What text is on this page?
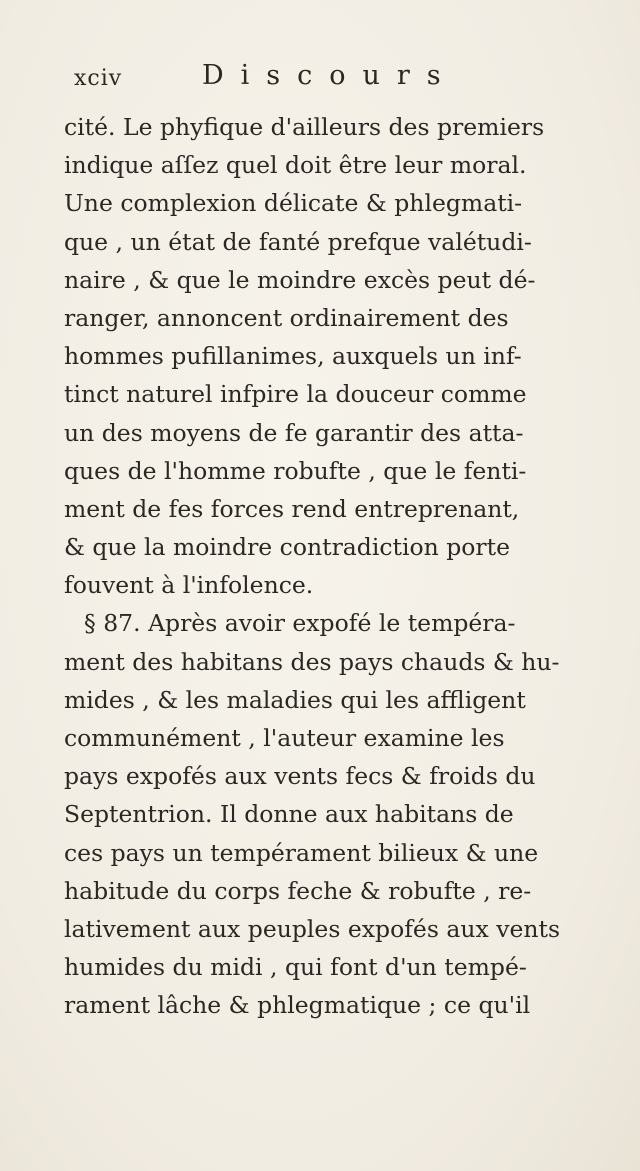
xciv	Discours
cité. Le phyfique d'ailleurs des premiers
indique aſſez quel doit être leur moral.
Une complexion délicate & phlegmati-
que , un état de fanté prefque valétudi-
naire , & que le moindre excès peut dé-
ranger, annoncent ordinairement des
hommes pufillanimes, auxquels un inf-
tinct naturel infpire la douceur comme
un des moyens de fe garantir des atta-
ques de l'homme robufte , que le fenti-
ment de fes forces rend entreprenant,
& que la moindre contradiction porte
fouvent à l'infolence.
§ 87. Après avoir expofé le tempéra-
ment des habitans des pays chauds & hu-
mides , & les maladies qui les affligent
communément , l'auteur examine les
pays expofés aux vents fecs & froids du
Septentrion. Il donne aux habitans de
ces pays un tempérament bilieux & une
habitude du corps feche & robufte , re-
lativement aux peuples expofés aux vents
humides du midi , qui font d'un tempé-
rament lâche & phlegmatique ; ce qu'il
